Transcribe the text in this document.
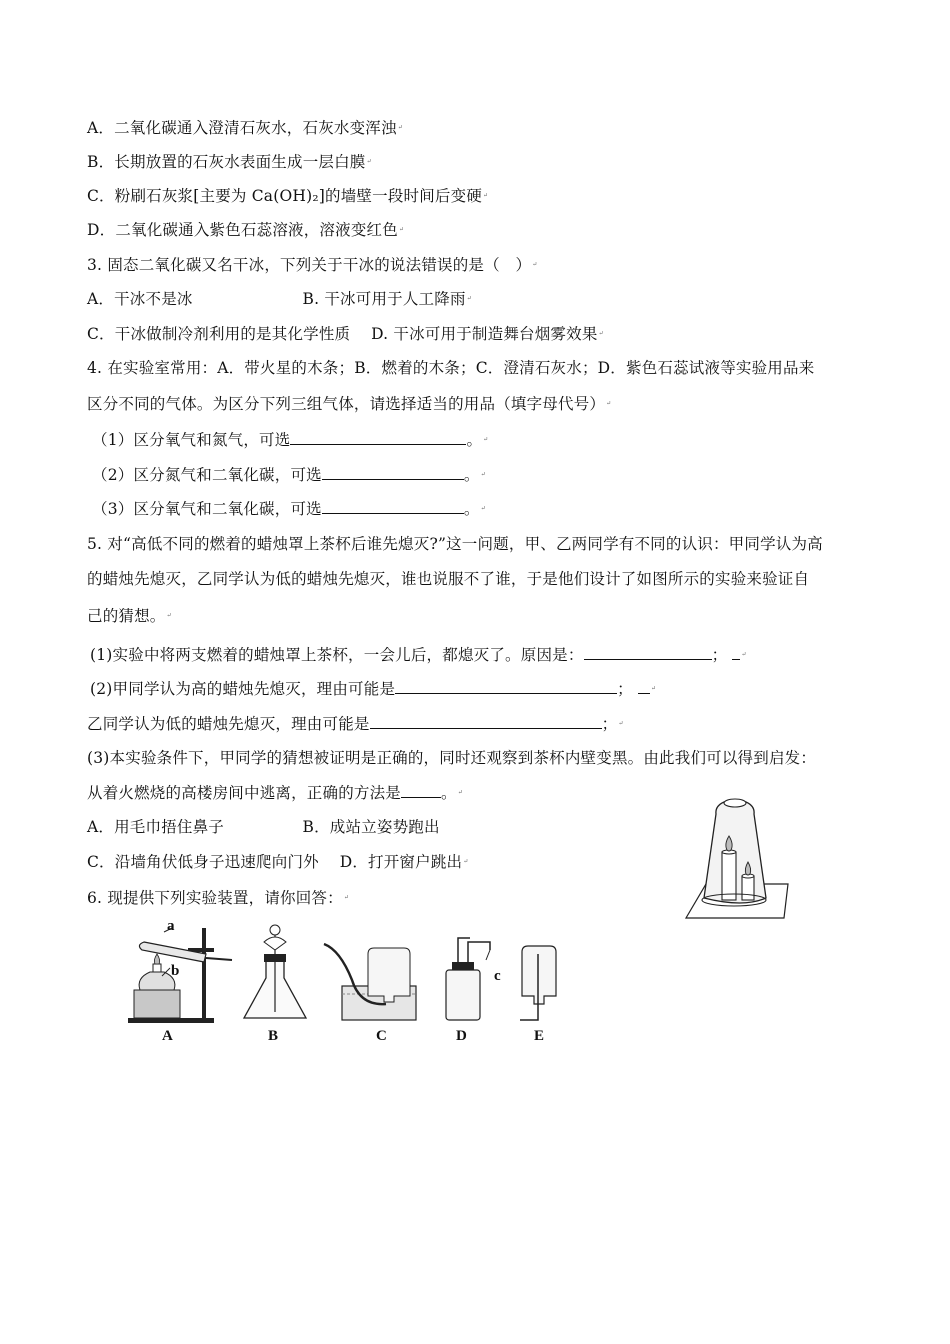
A．二氧化碳通入澄清石灰水，石灰水变浑浊↵
B．长期放置的石灰水表面生成一层白膜↵
C．粉刷石灰浆[主要为 Ca(OH)₂]的墙壁一段时间后变硬↵
D．二氧化碳通入紫色石蕊溶液，溶液变红色↵
3. 固态二氧化碳又名干冰，下列关于干冰的说法错误的是（　）↵
A．干冰不是冰　　　　　　　B. 干冰可用于人工降雨↵
C．干冰做制冷剂利用的是其化学性质　 D. 干冰可用于制造舞台烟雾效果↵
4. 在实验室常用：A．带火星的木条；B．燃着的木条；C．澄清石灰水；D．紫色石蕊试液等实验用品来
区分不同的气体。为区分下列三组气体，请选择适当的用品（填字母代号）↵
（1）区分氧气和氮气，可选	。↵
（2）区分氮气和二氧化碳，可选	。↵
（3）区分氧气和二氧化碳，可选	。↵
5. 对“高低不同的燃着的蜡烛罩上茶杯后谁先熄灭?”这一问题，甲、乙两同学有不同的认识：甲同学认为高
的蜡烛先熄灭，乙同学认为低的蜡烛先熄灭，谁也说服不了谁，于是他们设计了如图所示的实验来验证自
己的猜想。↵
(1)实验中将两支燃着的蜡烛罩上茶杯，一会儿后，都熄灭了。原因是：	； ↵
(2)甲同学认为高的蜡烛先熄灭，理由可能是	；	↵
乙同学认为低的蜡烛先熄灭，理由可能是	；↵
(3)本实验条件下，甲同学的猜想被证明是正确的，同时还观察到茶杯内壁变黑。由此我们可以得到启发：
从着火燃烧的高楼房间中逃离，正确的方法是	。↵
A．用毛巾捂住鼻子　　　　　B．成站立姿势跑出
C．沿墙角伏低身子迅速爬向门外　 D．打开窗户跳出↵
6. 现提供下列实验装置，请你回答：↵
a
b
A	B	C
c
D	E
